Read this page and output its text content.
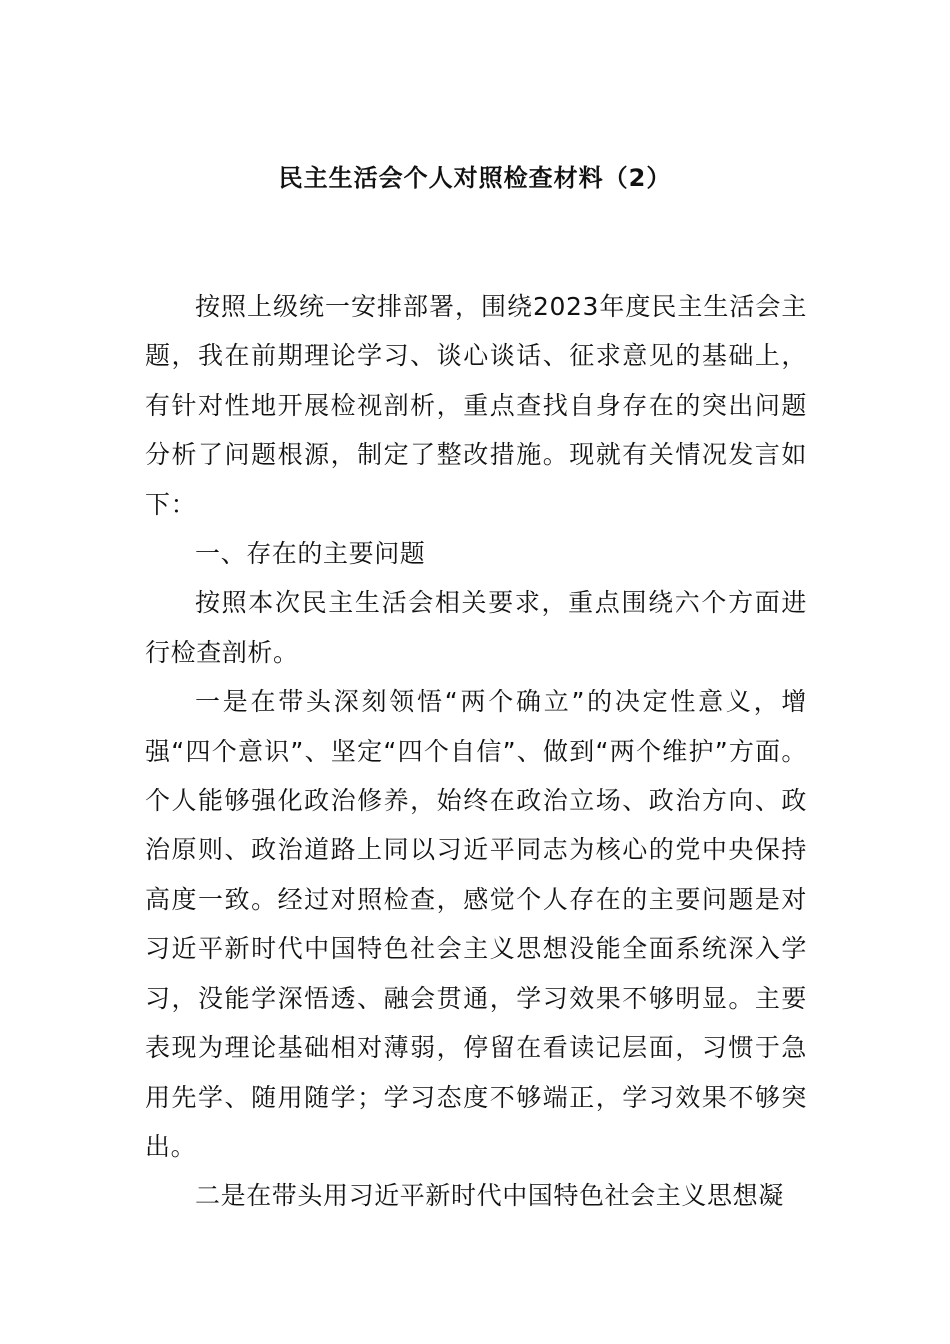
民主生活会个人对照检查材料（2）

按照上级统一安排部署，围绕2023年度民主生活会主题，我在前期理论学习、谈心谈话、征求意见的基础上，有针对性地开展检视剖析，重点查找自身存在的突出问题分析了问题根源，制定了整改措施。现就有关情况发言如下：

一、存在的主要问题

按照本次民主生活会相关要求，重点围绕六个方面进行检查剖析。

一是在带头深刻领悟“两个确立”的决定性意义，增强“四个意识”、坚定“四个自信”、做到“两个维护”方面。个人能够强化政治修养，始终在政治立场、政治方向、政治原则、政治道路上同以习近平同志为核心的党中央保持高度一致。经过对照检查，感觉个人存在的主要问题是对习近平新时代中国特色社会主义思想没能全面系统深入学习，没能学深悟透、融会贯通，学习效果不够明显。主要表现为理论基础相对薄弱，停留在看读记层面，习惯于急用先学、随用随学；学习态度不够端正，学习效果不够突出。

二是在带头用习近平新时代中国特色社会主义思想凝
